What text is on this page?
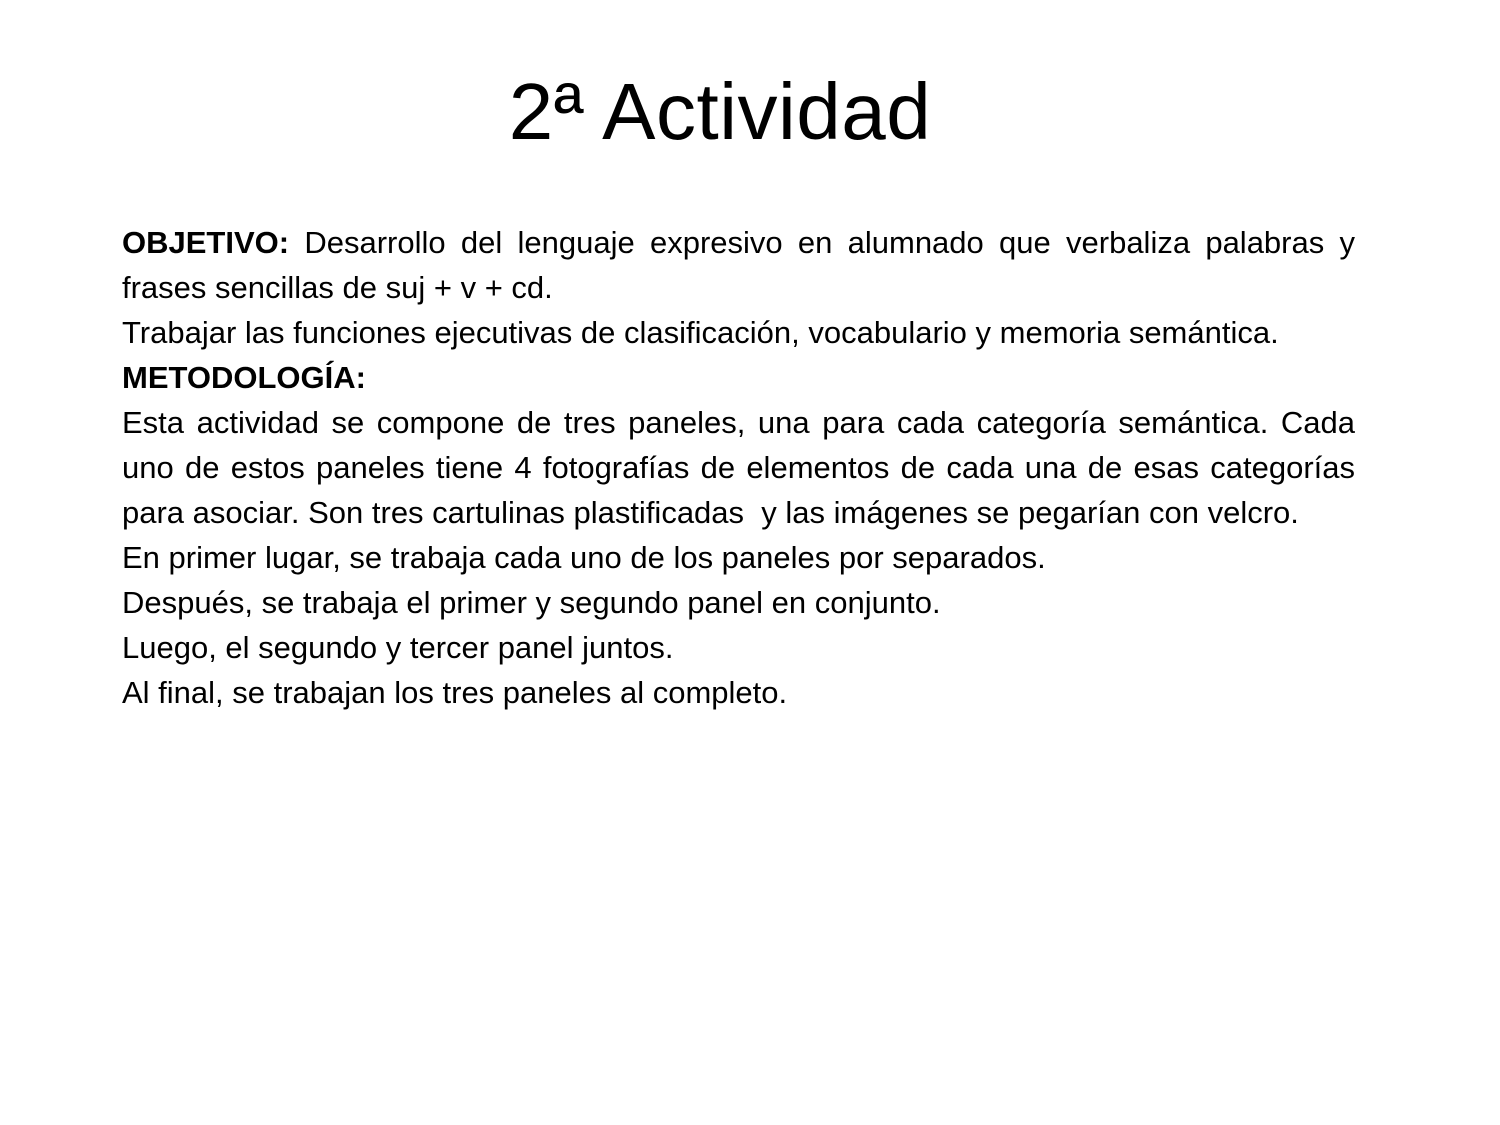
2ª Actividad

OBJETIVO: Desarrollo del lenguaje expresivo en alumnado que verbaliza palabras y frases sencillas de suj + v + cd.

Trabajar las funciones ejecutivas de clasificación, vocabulario y memoria semántica.

METODOLOGÍA:

Esta actividad se compone de tres paneles, una para cada categoría semántica. Cada uno de estos paneles tiene 4 fotografías de elementos de cada una de esas categorías para asociar. Son tres cartulinas plastificadas  y las imágenes se pegarían con velcro.

En primer lugar, se trabaja cada uno de los paneles por separados.

Después, se trabaja el primer y segundo panel en conjunto.

Luego, el segundo y tercer panel juntos.

Al final, se trabajan los tres paneles al completo.
